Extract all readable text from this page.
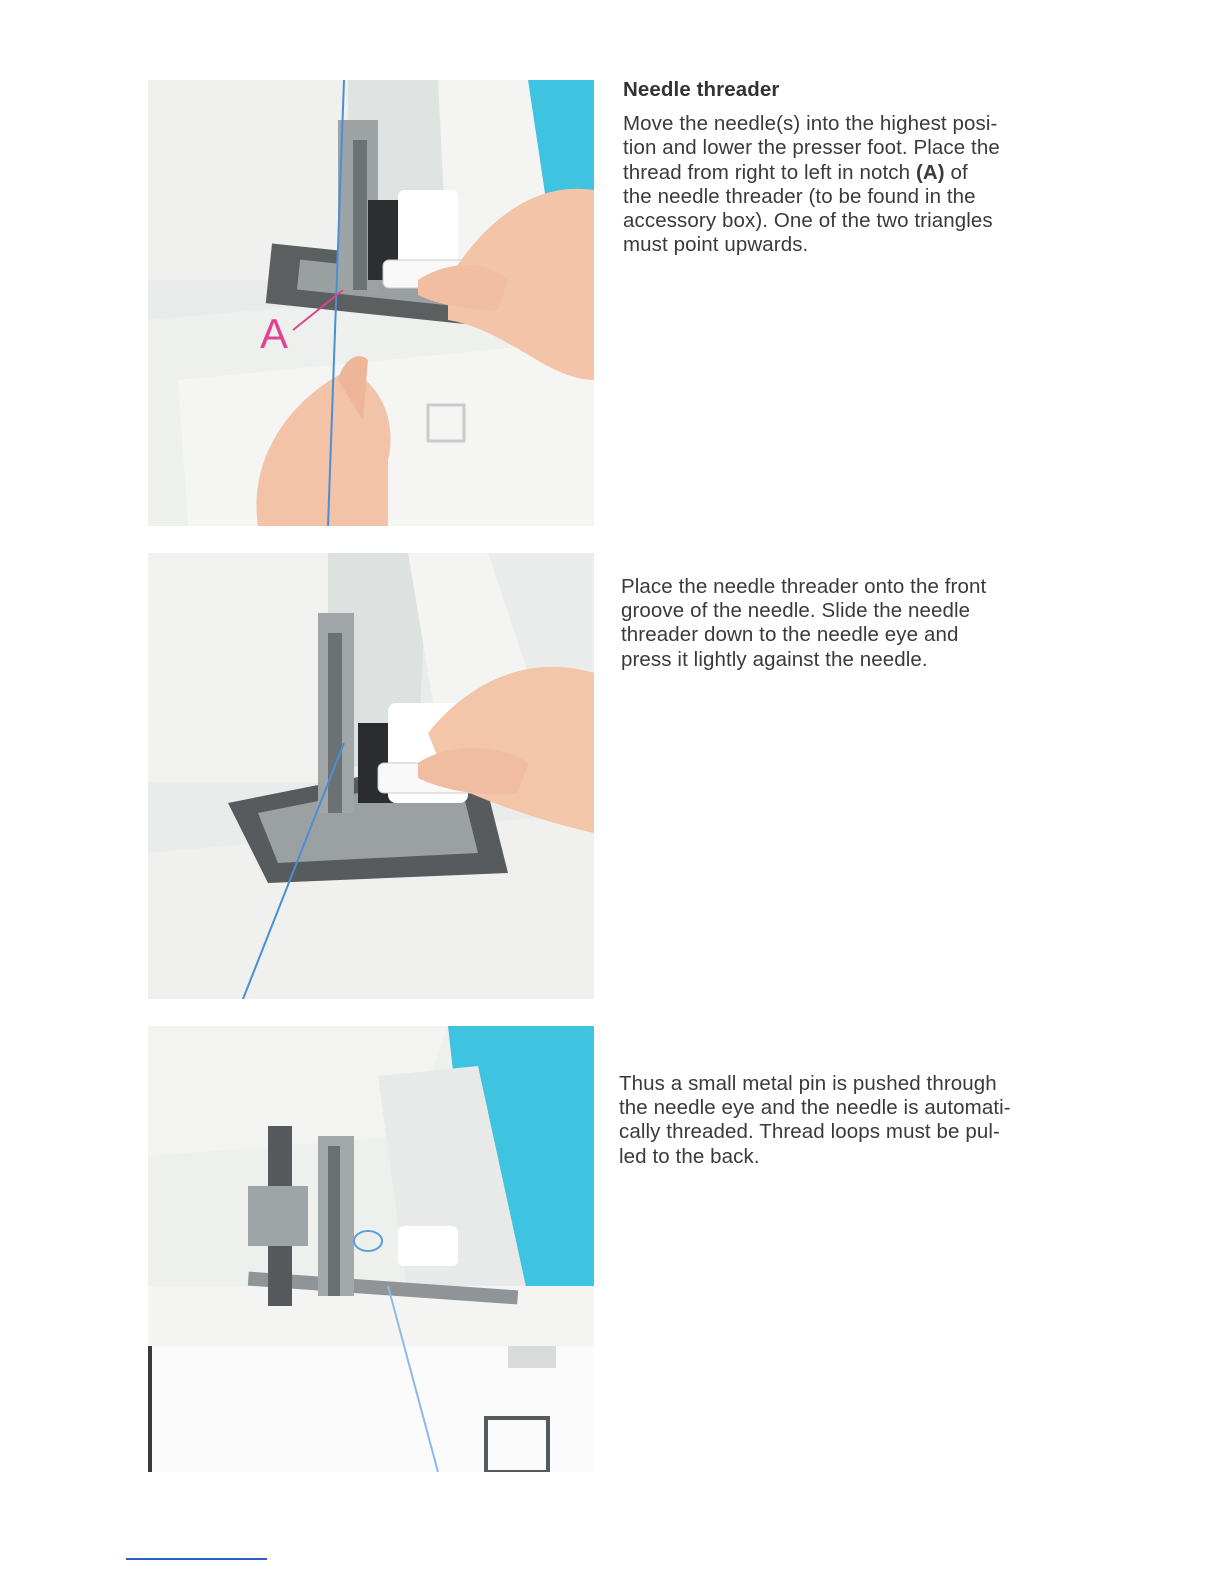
A
Needle threader
Move the needle(s) into the highest posi-
tion and lower the presser foot. Place the
thread from right to left in notch (A) of
the needle threader (to be found in the
accessory box). One of the two triangles
must point upwards.
Place the needle threader onto the front
groove of the needle. Slide the needle
threader down to the needle eye and
press it lightly against the needle.
Thus a small metal pin is pushed through
the needle eye and the needle is automati-
cally threaded. Thread loops must be pul-
led to the back.
